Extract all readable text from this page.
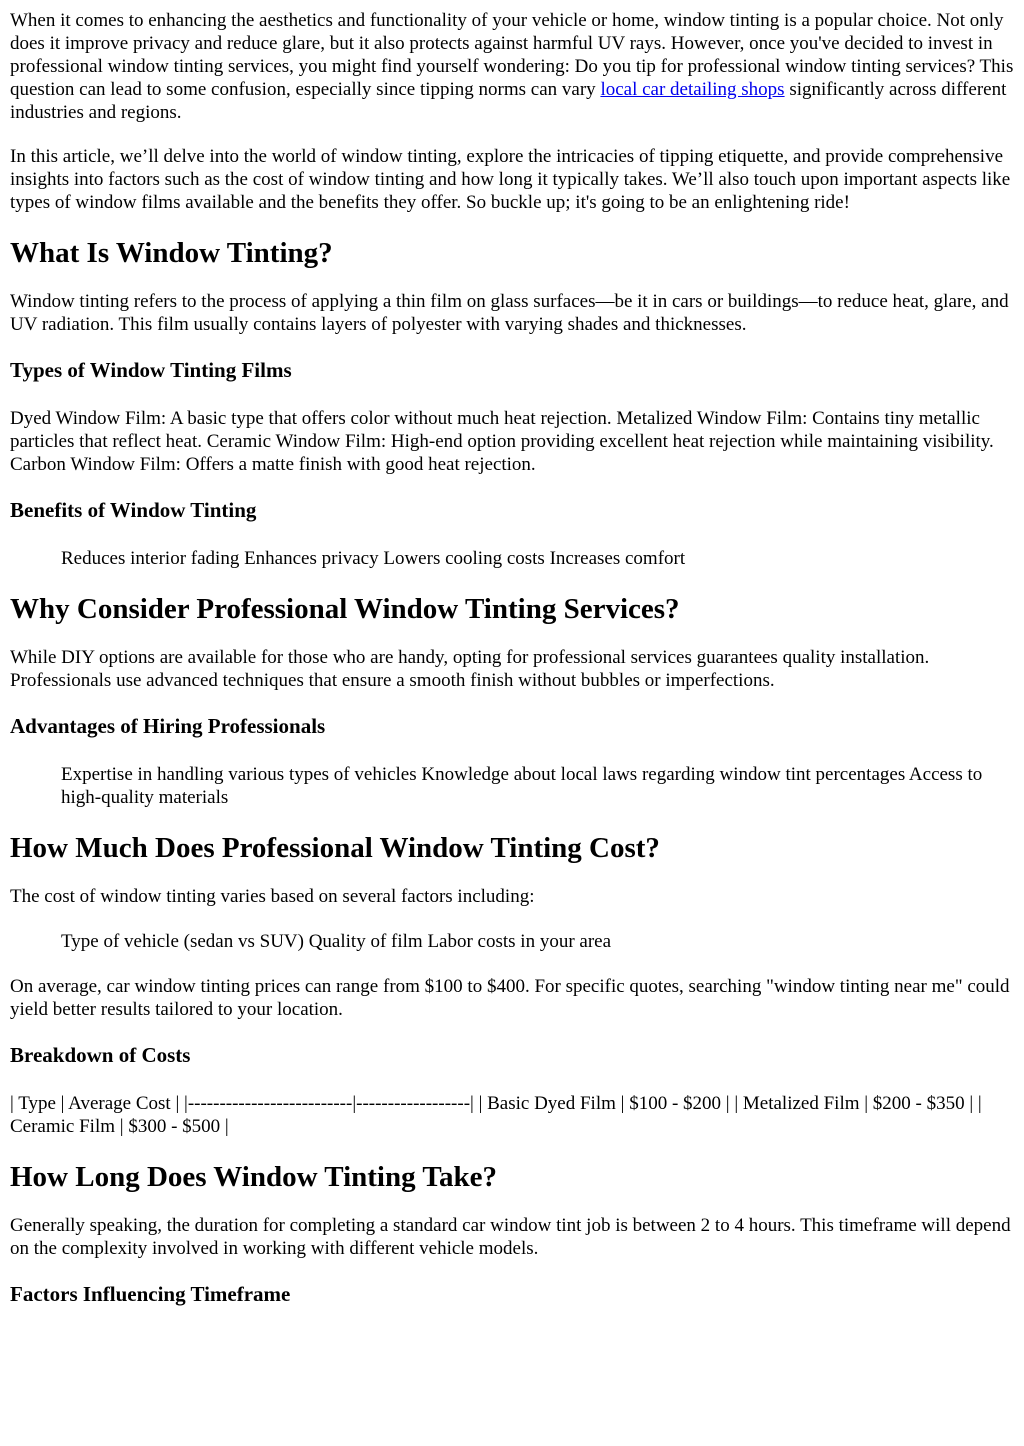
When it comes to enhancing the aesthetics and functionality of your vehicle or home, window tinting is a popular choice. Not only does it improve privacy and reduce glare, but it also protects against harmful UV rays. However, once you've decided to invest in professional window tinting services, you might find yourself wondering: Do you tip for professional window tinting services? This question can lead to some confusion, especially since tipping norms can vary local car detailing shops significantly across different industries and regions.

In this article, we’ll delve into the world of window tinting, explore the intricacies of tipping etiquette, and provide comprehensive insights into factors such as the cost of window tinting and how long it typically takes. We’ll also touch upon important aspects like types of window films available and the benefits they offer. So buckle up; it's going to be an enlightening ride!

What Is Window Tinting?

Window tinting refers to the process of applying a thin film on glass surfaces—be it in cars or buildings—to reduce heat, glare, and UV radiation. This film usually contains layers of polyester with varying shades and thicknesses.

Types of Window Tinting Films

Dyed Window Film: A basic type that offers color without much heat rejection. Metalized Window Film: Contains tiny metallic particles that reflect heat. Ceramic Window Film: High-end option providing excellent heat rejection while maintaining visibility. Carbon Window Film: Offers a matte finish with good heat rejection.

Benefits of Window Tinting
Reduces interior fading Enhances privacy Lowers cooling costs Increases comfort
Why Consider Professional Window Tinting Services?

While DIY options are available for those who are handy, opting for professional services guarantees quality installation. Professionals use advanced techniques that ensure a smooth finish without bubbles or imperfections.

Advantages of Hiring Professionals
Expertise in handling various types of vehicles Knowledge about local laws regarding window tint percentages Access to high-quality materials
How Much Does Professional Window Tinting Cost?

The cost of window tinting varies based on several factors including:

Type of vehicle (sedan vs SUV) Quality of film Labor costs in your area

On average, car window tinting prices can range from $100 to $400. For specific quotes, searching "window tinting near me" could yield better results tailored to your location.

Breakdown of Costs

| Type | Average Cost | |--------------------------|------------------| | Basic Dyed Film | $100 - $200 | | Metalized Film | $200 - $350 | | Ceramic Film | $300 - $500 |

How Long Does Window Tinting Take?

Generally speaking, the duration for completing a standard car window tint job is between 2 to 4 hours. This timeframe will depend on the complexity involved in working with different vehicle models.

Factors Influencing Timeframe
